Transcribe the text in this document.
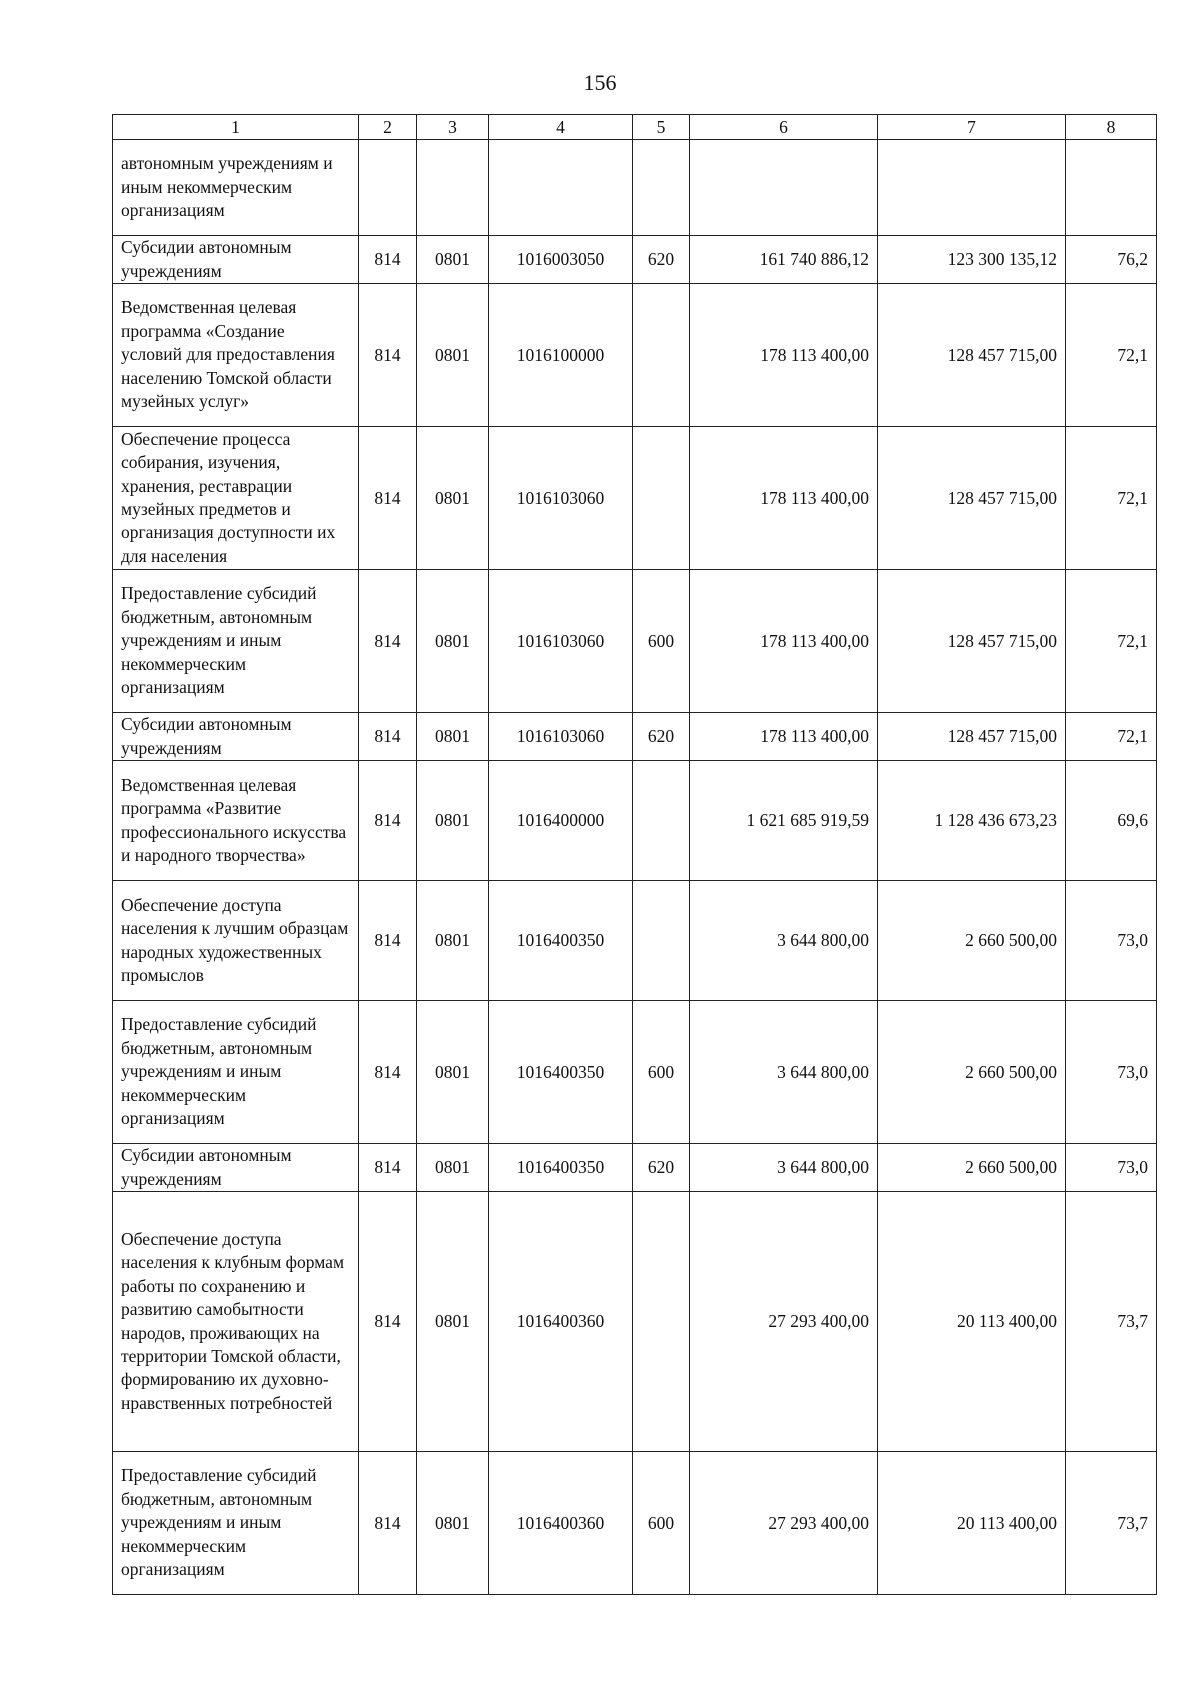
156
1	2	3	4	5	6	7	8
автономным учреждениям и иным некоммерческим организациям							
Субсидии автономным учреждениям	814	0801	1016003050	620	161 740 886,12	123 300 135,12	76,2
Ведомственная целевая программа «Создание условий для предоставления населению Томской области музейных услуг»	814	0801	1016100000		178 113 400,00	128 457 715,00	72,1
Обеспечение процесса собирания, изучения, хранения, реставрации музейных предметов и организация доступности их для населения	814	0801	1016103060		178 113 400,00	128 457 715,00	72,1
Предоставление субсидий бюджетным, автономным учреждениям и иным некоммерческим организациям	814	0801	1016103060	600	178 113 400,00	128 457 715,00	72,1
Субсидии автономным учреждениям	814	0801	1016103060	620	178 113 400,00	128 457 715,00	72,1
Ведомственная целевая программа «Развитие профессионального искусства и народного творчества»	814	0801	1016400000		1 621 685 919,59	1 128 436 673,23	69,6
Обеспечение доступа населения к лучшим образцам народных художественных промыслов	814	0801	1016400350		3 644 800,00	2 660 500,00	73,0
Предоставление субсидий бюджетным, автономным учреждениям и иным некоммерческим организациям	814	0801	1016400350	600	3 644 800,00	2 660 500,00	73,0
Субсидии автономным учреждениям	814	0801	1016400350	620	3 644 800,00	2 660 500,00	73,0
Обеспечение доступа населения к клубным формам работы по сохранению и развитию самобытности народов, проживающих на территории Томской области, формированию их духовно-нравственных потребностей	814	0801	1016400360		27 293 400,00	20 113 400,00	73,7
Предоставление субсидий бюджетным, автономным учреждениям и иным некоммерческим организациям	814	0801	1016400360	600	27 293 400,00	20 113 400,00	73,7
